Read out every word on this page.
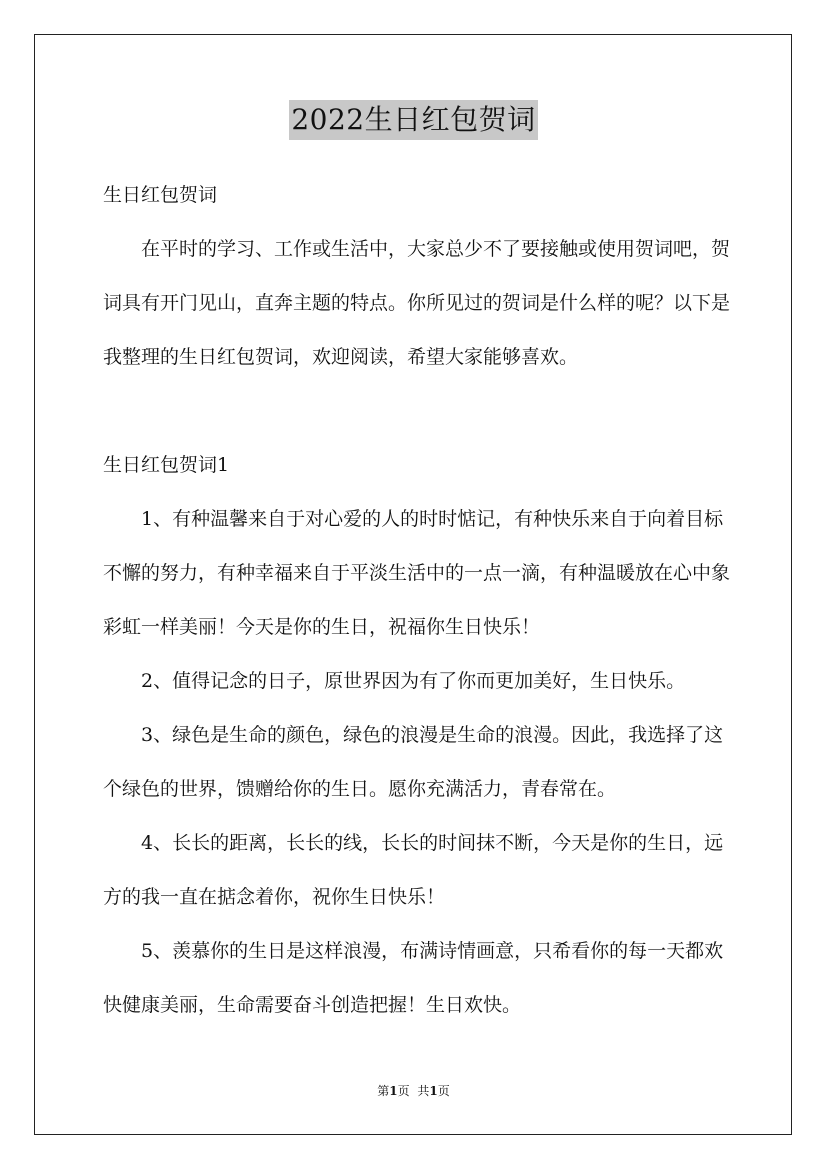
2022生日红包贺词

生日红包贺词

在平时的学习、工作或生活中，大家总少不了要接触或使用贺词吧，贺词具有开门见山，直奔主题的特点。你所见过的贺词是什么样的呢？以下是我整理的生日红包贺词，欢迎阅读，希望大家能够喜欢。

生日红包贺词1

1、有种温馨来自于对心爱的人的时时惦记，有种快乐来自于向着目标不懈的努力，有种幸福来自于平淡生活中的一点一滴，有种温暖放在心中象彩虹一样美丽！今天是你的生日，祝福你生日快乐！

2、值得记念的日子，原世界因为有了你而更加美好，生日快乐。

3、绿色是生命的颜色，绿色的浪漫是生命的浪漫。因此，我选择了这个绿色的世界，馈赠给你的生日。愿你充满活力，青春常在。

4、长长的距离，长长的线，长长的时间抹不断，今天是你的生日，远方的我一直在掂念着你，祝你生日快乐！

5、羡慕你的生日是这样浪漫，布满诗情画意，只希看你的每一天都欢快健康美丽，生命需要奋斗创造把握！生日欢快。

第1页 共1页
